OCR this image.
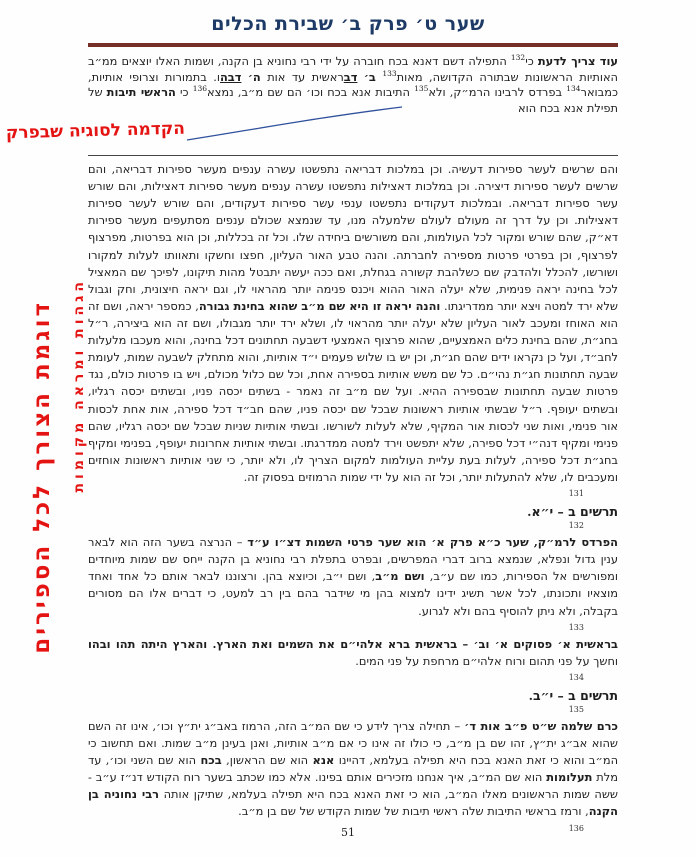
שער ט׳ פרק ב׳ שבירת הכלים
עוד צריך לדעת כי$^{132}$ התפילה דשם דאנא בכח חוברה על ידי רבי נחוניא בן הקנה, ושמות האלו יוצאים ממ״ב האותיות הראשונות שבתורה הקדושה, מאות$^{133}$ ב׳ דבראשית עד אות ה׳ דבהו. בתמורות וצרופי אותיות, כמבואר$^{134}$ בפרדס לרבינו הרמ״ק, ולא$^{135}$ התיבות אנא בכח וכו׳ הם שם מ״ב, נמצא$^{136}$ כי הראשי תיבות של תפילת אנא בכח הוא
הקדמה לסוגיה שבפרק
והם שרשים לעשר ספירות דעשיה. וכן במלכות דבריאה נתפשטו עשרה ענפים מעשר ספירות דבריאה, והם שרשים לעשר ספירות דיצירה. וכן במלכות דאצילות נתפשטו עשרה ענפים מעשר ספירות דאצילות, והם שורש עשר ספירות דבריאה. ובמלכות דעקודים נתפשטו ענפי עשר ספירות דעקודים, והם שורש לעשר ספירות דאצילות. וכן על דרך זה מעולם לעולם שלמעלה מנו, עד שנמצא שכולם ענפים מסתעפים מעשר ספירות דא״ק, שהם שורש ומקור לכל העולמות, והם משורשים ביחידה שלו. וכל זה בכללות, וכן הוא בפרטות, מפרצוף לפרצוף, וכן בפרטי פרטות מספירה לחברתה. והנה טבע האור העליון, חפצו וחשקו ותאוותו לעלות למקורו ושורשו, להכלל ולהדבק שם כשלהבת קשורה בגחלת, ואם ככה יעשה יתבטל מהות תיקונו, לפיכך שם המאציל לכל בחינה יראה פנימית, שלא יעלה האור ההוא ויכנס פנימה יותר מהראוי לו, וגם יראה חיצונית, וחק וגבול שלא ירד למטה ויצא יותר ממדריגתו. והנה יראה זו היא שם מ״ב שהוא בחינת גבורה, כמספר יראה, ושם זה הוא האוחז ומעכב לאור העליון שלא יעלה יותר מהראוי לו, ושלא ירד יותר מגבולו, ושם זה הוא ביצירה, ר״ל בחג״ת, שהם בחינת כלים האמצעיים, שהוא פרצוף האמצעי דשבעה תחתונים דכל בחינה, והוא מעכבו מלעלות לחב״ד, ועל כן נקראו ידים שהם חג״ת, וכן יש בו שלוש פעמים י״ד אותיות, והוא מתחלק לשבעה שמות, לעומת שבעה תחתונות חג״ת נהי״ם. כל שם משש אותיות בספירה אחת, וכל שם כלול מכולם, ויש בו פרטות כולם, נגד פרטות שבעה תחתונות שבספירה ההיא. ועל שם מ״ב זה נאמר - בשתים יכסה פניו, ובשתים יכסה רגליו, ובשתים יעופף. ר״ל שבשתי אותיות ראשונות שבכל שם יכסה פניו, שהם חב״ד דכל ספירה, אות אחת לכסות אור פנימי, ואות שני לכסות אור המקיף, שלא לעלות לשורשו. ובשתי אותיות שניות שבכל שם יכסה רגליו, שהם פנימי ומקיף דנה״י דכל ספירה, שלא יתפשט וירד למטה ממדרגתו. ובשתי אותיות אחרונות יעופף, בפנימי ומקיף בחג״ת דכל ספירה, לעלות בעת עליית העולמות למקום הצריך לו, ולא יותר, כי שני אותיות ראשונות אוחזים ומעכבים לו, שלא להתעלות יותר, וכל זה הוא על ידי שמות הרמוזים בפסוק זה.
131
תרשים ב – י״א.
132
הפרדס לרמ״ק, שער כ״א פרק א׳ הוא שער פרטי השמות דצ״ו ע״ד – הנרצה בשער הזה הוא לבאר ענין גדול ונפלא, שנמצא ברוב דברי המפרשים, ובפרט בתפלת רבי נחוניא בן הקנה ייחס שם שמות מיוחדים ומפורשים אל הספירות, כמו שם ע״ב, ושם מ״ב, ושם י״ב, וכיוצא בהן. ורצוננו לבאר אותם כל אחד ואחד מוצאיו ותכונתו, לכל אשר תשיג ידינו למצוא בהן מי שידבר בהם בין רב למעט, כי דברים אלו הם מסורים בקבלה, ולא ניתן להוסיף בהם ולא לגרוע.
133
בראשית א׳ פסוקים א׳ וב׳ – בראשית ברא אלהי״ם את השמים ואת הארץ. והארץ היתה תהו ובהו וחשך על פני תהום ורוח אלהי״ם מרחפת על פני המים.
134
תרשים ב – י״ב.
135
כרם שלמה ש״ט פ״ב אות ד׳ – תחילה צריך לידע כי שם המ״ב הזה, הרמוז באב״ג ית״ץ וכו׳, אינו זה השם שהוא אב״ג ית״ץ, זהו שם בן מ״ב, כי כולו זה אינו כי אם מ״ב אותיות, ואנן בעינן מ״ב שמות. ואם תחשוב כי המ״ב והוא כי זאת האנא בכח היא תפילה בעלמא, דהיינו אנא הוא שם הראשון, בכח הוא שם השני וכו׳, עד מלת תעלומות הוא שם המ״ב, איך אנחנו מזכירים אותם בפינו. אלא כמו שכתב בשער רוח הקודש דנ״ז ע״ב - ששה שמות הראשונים מאלו המ״ב, הוא כי זאת האנא בכח היא תפילה בעלמא, שתיקן אותה רבי נחוניה בן הקנה, ורמז בראשי התיבות שלה ראשי תיבות של שמות הקודש של שם בן מ״ב.
136
הגהות ומראה מקומות
דוגמת הצורך לכל הספירים
51
